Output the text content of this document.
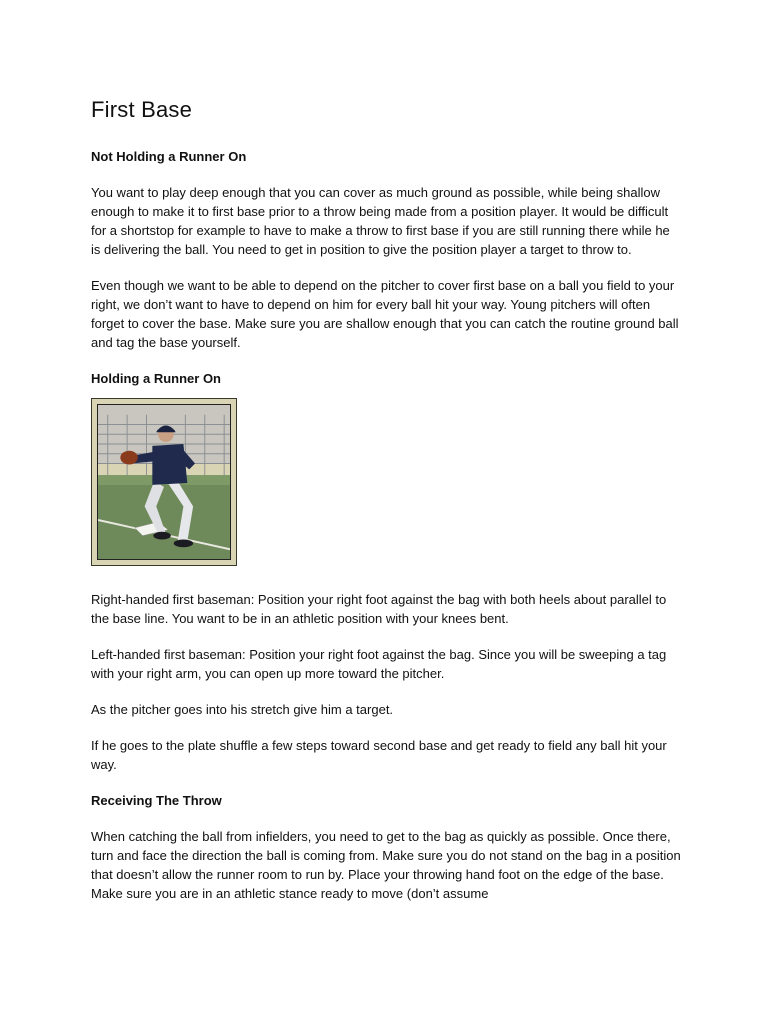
First Base
Not Holding a Runner On

You want to play deep enough that you can cover as much ground as possible, while being shallow enough to make it to first base prior to a throw being made from a position player. It would be difficult for a shortstop for example to have to make a throw to first base if you are still running there while he is delivering the ball. You need to get in position to give the position player a target to throw to.

Even though we want to be able to depend on the pitcher to cover first base on a ball you field to your right, we don’t want to have to depend on him for every ball hit your way. Young pitchers will often forget to cover the base. Make sure you are shallow enough that you can catch the routine ground ball and tag the base yourself.

Holding a Runner On

Right-handed first baseman: Position your right foot against the bag with both heels about parallel to the base line. You want to be in an athletic position with your knees bent.

Left-handed first baseman: Position your right foot against the bag. Since you will be sweeping a tag with your right arm, you can open up more toward the pitcher.

As the pitcher goes into his stretch give him a target.

If he goes to the plate shuffle a few steps toward second base and get ready to field any ball hit your way.

Receiving The Throw

When catching the ball from infielders, you need to get to the bag as quickly as possible. Once there, turn and face the direction the ball is coming from. Make sure you do not stand on the bag in a position that doesn’t allow the runner room to run by. Place your throwing hand foot on the edge of the base. Make sure you are in an athletic stance ready to move (don’t assume
